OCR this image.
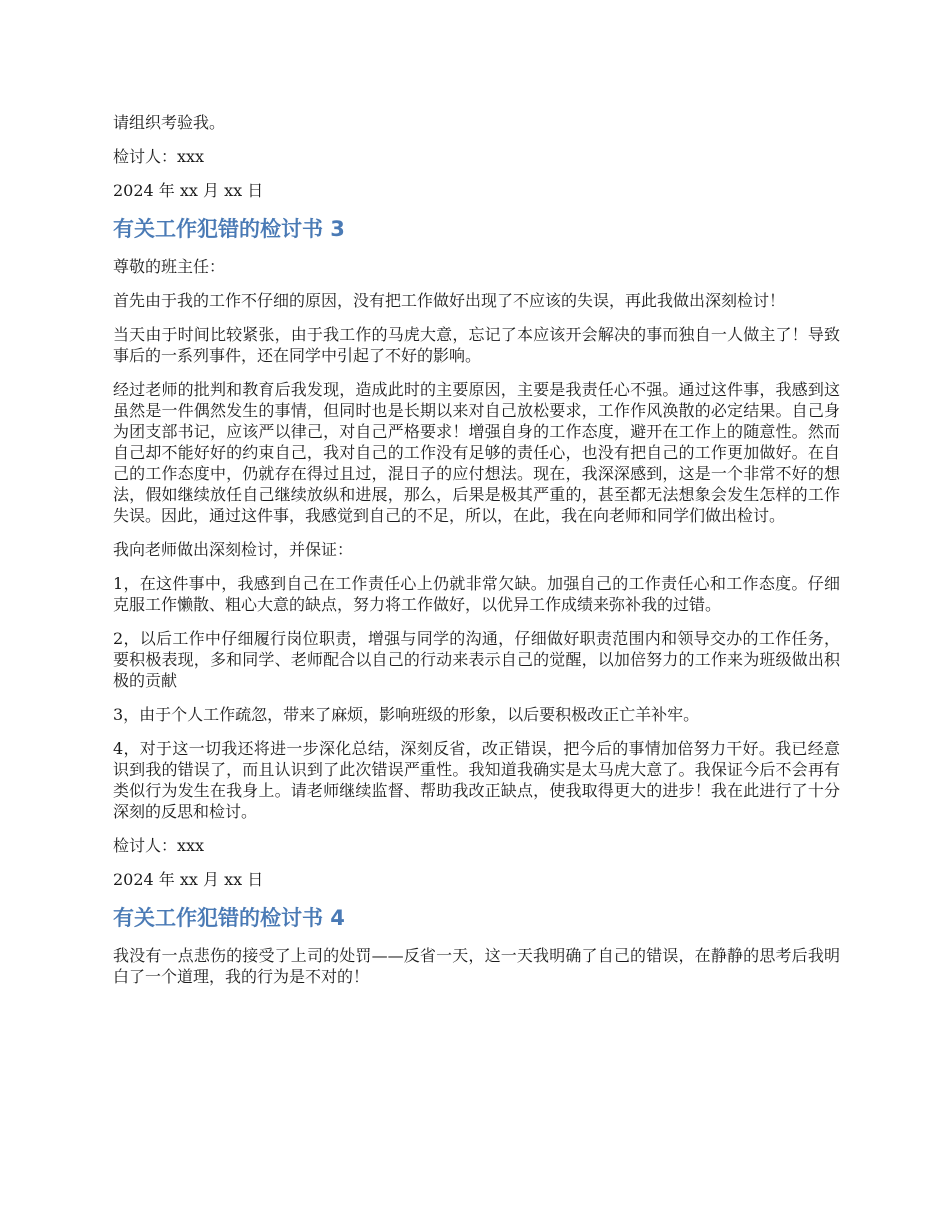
请组织考验我。

检讨人：xxx

2024 年 xx 月 xx 日

有关工作犯错的检讨书 3

尊敬的班主任：

首先由于我的工作不仔细的原因，没有把工作做好出现了不应该的失误，再此我做出深刻检讨！

当天由于时间比较紧张，由于我工作的马虎大意，忘记了本应该开会解决的事而独自一人做主了！导致事后的一系列事件，还在同学中引起了不好的影响。

经过老师的批判和教育后我发现，造成此时的主要原因，主要是我责任心不强。通过这件事，我感到这虽然是一件偶然发生的事情，但同时也是长期以来对自己放松要求，工作作风涣散的必定结果。自己身为团支部书记，应该严以律己，对自己严格要求！增强自身的工作态度，避开在工作上的随意性。然而自己却不能好好的约束自己，我对自己的工作没有足够的责任心，也没有把自己的工作更加做好。在自己的工作态度中，仍就存在得过且过，混日子的应付想法。现在，我深深感到，这是一个非常不好的想法，假如继续放任自己继续放纵和进展，那么，后果是极其严重的，甚至都无法想象会发生怎样的工作失误。因此，通过这件事，我感觉到自己的不足，所以，在此，我在向老师和同学们做出检讨。

我向老师做出深刻检讨，并保证：

1，在这件事中，我感到自己在工作责任心上仍就非常欠缺。加强自己的工作责任心和工作态度。仔细克服工作懒散、粗心大意的缺点，努力将工作做好，以优异工作成绩来弥补我的过错。

2，以后工作中仔细履行岗位职责，增强与同学的沟通，仔细做好职责范围内和领导交办的工作任务，要积极表现，多和同学、老师配合以自己的行动来表示自己的觉醒，以加倍努力的工作来为班级做出积极的贡献

3，由于个人工作疏忽，带来了麻烦，影响班级的形象，以后要积极改正亡羊补牢。

4，对于这一切我还将进一步深化总结，深刻反省，改正错误，把今后的事情加倍努力干好。我已经意识到我的错误了，而且认识到了此次错误严重性。我知道我确实是太马虎大意了。我保证今后不会再有类似行为发生在我身上。请老师继续监督、帮助我改正缺点，使我取得更大的进步！我在此进行了十分深刻的反思和检讨。

检讨人：xxx

2024 年 xx 月 xx 日

有关工作犯错的检讨书 4

我没有一点悲伤的接受了上司的处罚——反省一天，这一天我明确了自己的错误，在静静的思考后我明白了一个道理，我的行为是不对的！
